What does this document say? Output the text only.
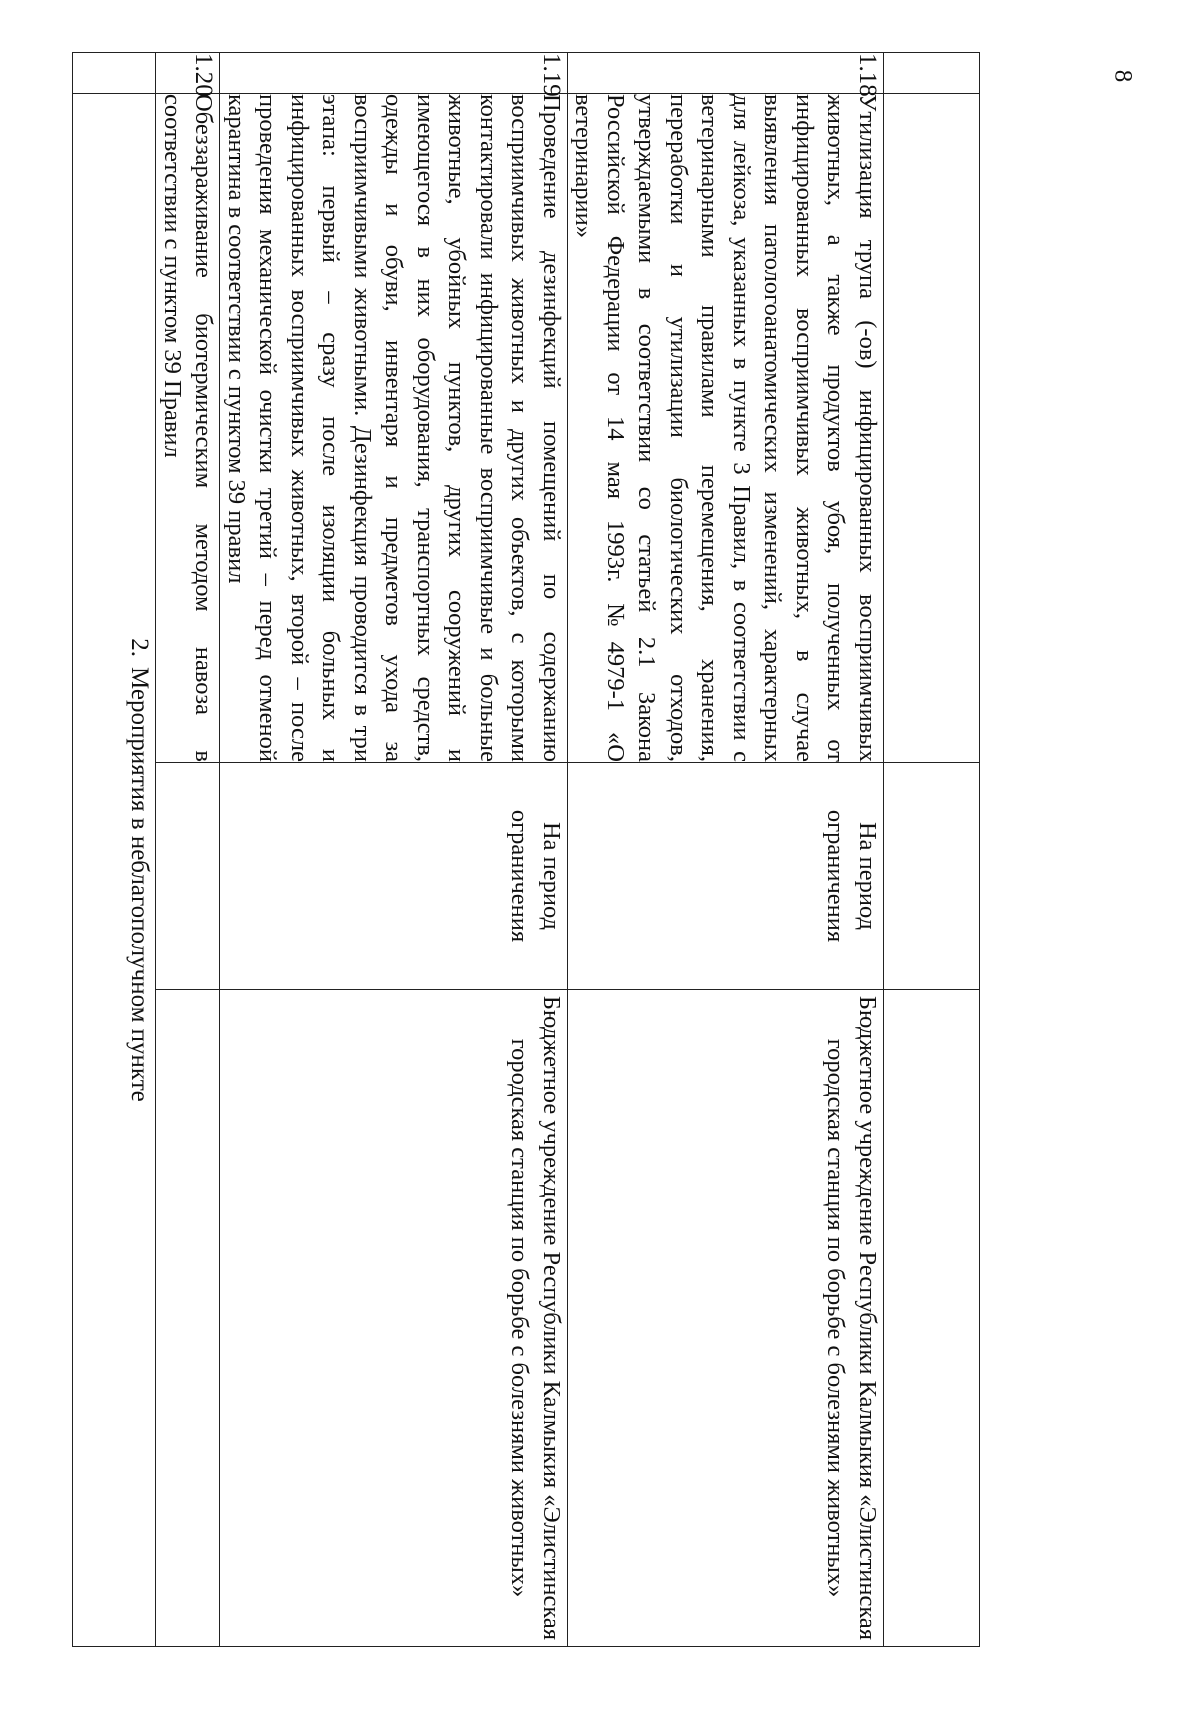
8

1.18	Утилизация трупа (-ов) инфицированных восприимчивых животных, а также продуктов убоя, полученных от инфицированных восприимчивых животных, в случае выявления патологоанатомических изменений, характерных для лейкоза, указанных в пункте 3 Правил, в соответствии с ветеринарными правилами перемещения, хранения, переработки и утилизации биологических отходов, утверждаемыми в соответствии со статьей 2.1 Закона Российской Федерации от 14 мая 1993г. №4979-1 «О ветеринарии»	На период ограничения	Бюджетное учреждение Республики Калмыкия «Элистинская городская станция по борьбе с болезнями животных»
1.19	Проведение дезинфекций помещений по содержанию восприимчивых животных и других объектов, с которыми контактировали инфицированные восприимчивые и больные животные, убойных пунктов, других сооружений и имеющегося в них оборудования, транспортных средств, одежды и обуви, инвентаря и предметов ухода за восприимчивыми животными. Дезинфекция проводится в три этапа: первый – сразу после изоляции больных и инфицированных восприимчивых животных, второй – после проведения механической очистки третий – перед отменой карантина в соответствии с пунктом 39 правил	На период ограничения	Бюджетное учреждение Республики Калмыкия «Элистинская городская станция по борьбе с болезнями животных»
1.20	Обеззараживание биотермическим методом навоза в соответствии с пунктом 39 Правил		
	2.Мероприятия в неблагополучном пункте		
